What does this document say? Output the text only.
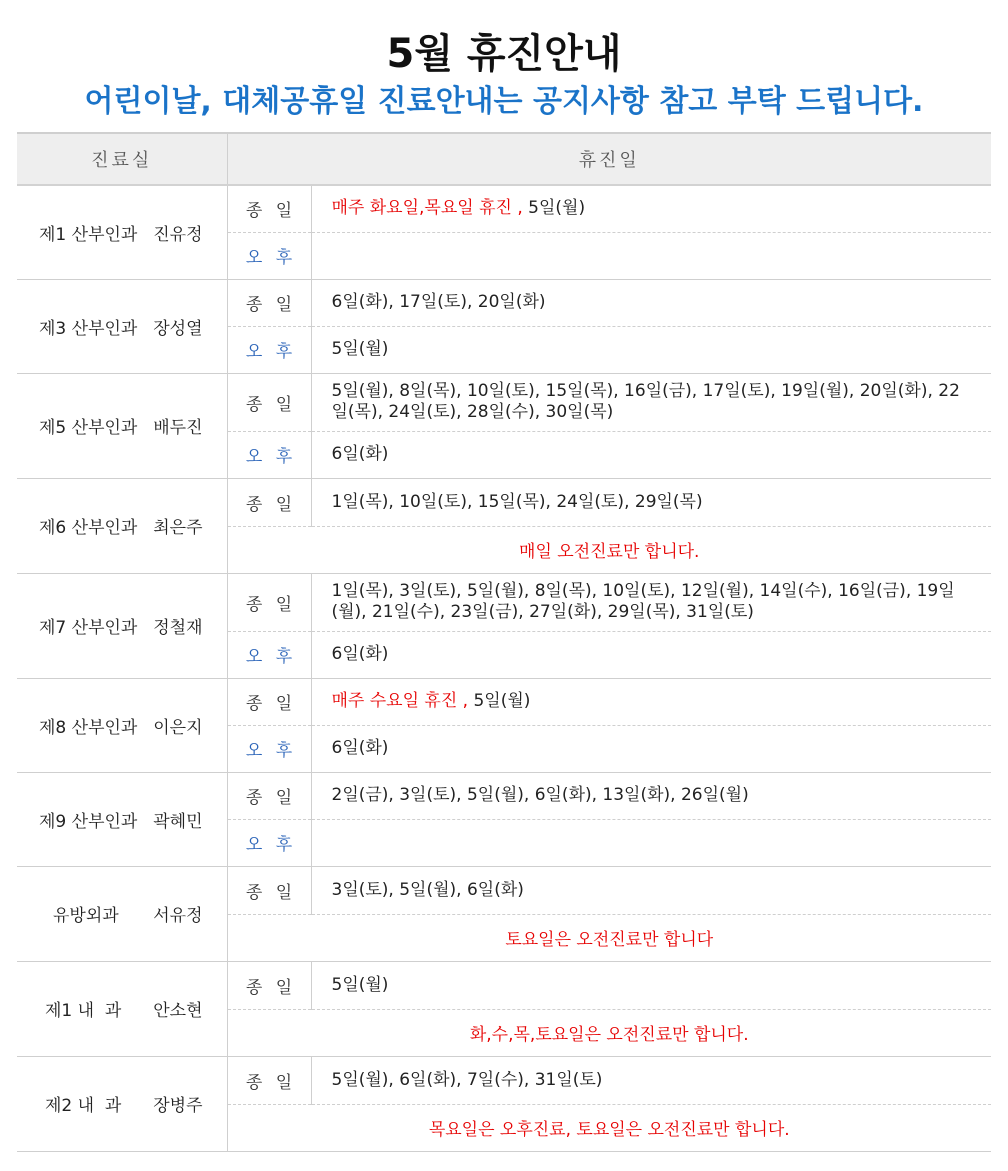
5월 휴진안내
어린이날, 대체공휴일 진료안내는 공지사항 참고 부탁 드립니다.
진료실	휴진일	

제1 산부인과 진유정	종 일	매주 화요일,목요일 휴진 , 5일(월)
	오 후	

제3 산부인과 장성열	종 일	6일(화), 17일(토), 20일(화)
	오 후	5일(월)

제5 산부인과 배두진	종 일	5일(월), 8일(목), 10일(토), 15일(목), 16일(금), 17일(토), 19일(월), 20일(화), 22일(목), 24일(토), 28일(수), 30일(목)
	오 후	6일(화)

제6 산부인과 최은주	종 일	1일(목), 10일(토), 15일(목), 24일(토), 29일(목)
	매일 오전진료만 합니다.	

제7 산부인과 정철재	종 일	1일(목), 3일(토), 5일(월), 8일(목), 10일(토), 12일(월), 14일(수), 16일(금), 19일(월), 21일(수), 23일(금), 27일(화), 29일(목), 31일(토)
	오 후	6일(화)

제8 산부인과 이은지	종 일	매주 수요일 휴진 , 5일(월)
	오 후	6일(화)

제9 산부인과 곽혜민	종 일	2일(금), 3일(토), 5일(월), 6일(화), 13일(화), 26일(월)
	오 후	

유방외과 서유정	종 일	3일(토), 5일(월), 6일(화)
	토요일은 오전진료만 합니다	

제1 내  과 안소현	종 일	5일(월)
	화,수,목,토요일은 오전진료만 합니다.	

제2 내  과 장병주	종 일	5일(월), 6일(화), 7일(수), 31일(토)
	목요일은 오후진료, 토요일은 오전진료만 합니다.	
